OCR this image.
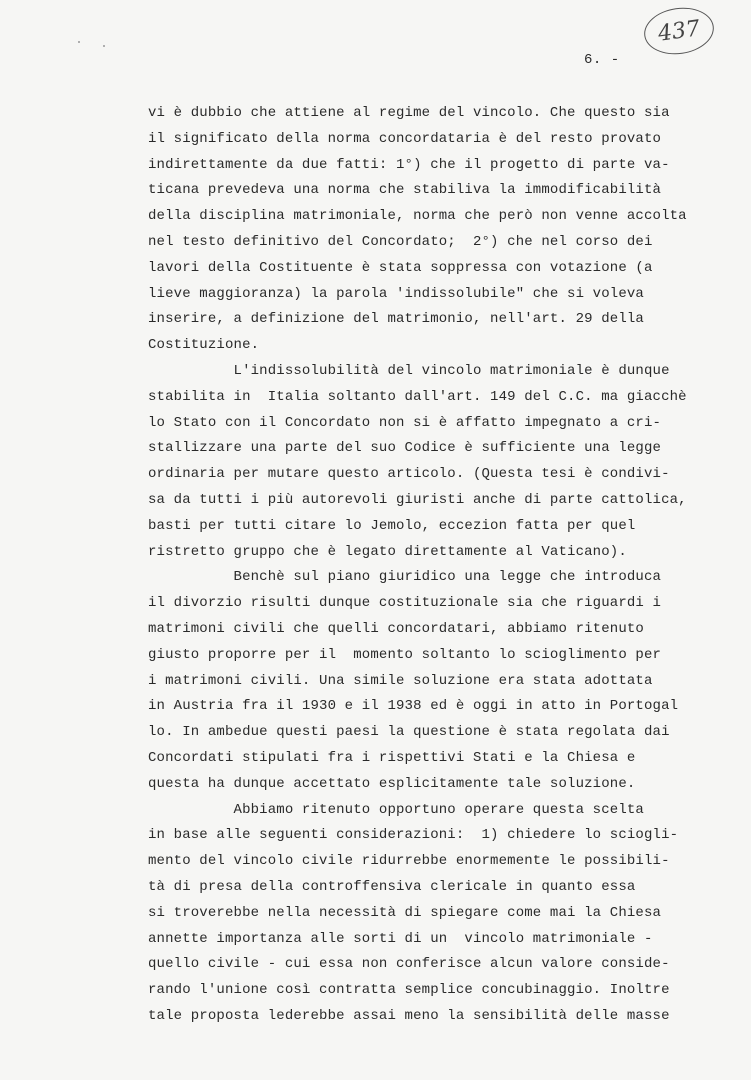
437
6. -
vi è dubbio che attiene al regime del vincolo. Che questo sia
il significato della norma concordataria è del resto provato
indirettamente da due fatti: 1°) che il progetto di parte va-
ticana prevedeva una norma che stabiliva la immodificabilità
della disciplina matrimoniale, norma che però non venne accolta
nel testo definitivo del Concordato;  2°) che nel corso dei
lavori della Costituente è stata soppressa con votazione (a
lieve maggioranza) la parola 'indissolubile" che si voleva
inserire, a definizione del matrimonio, nell'art. 29 della
Costituzione.
L'indissolubilità del vincolo matrimoniale è dunque
stabilita in  Italia soltanto dall'art. 149 del C.C. ma giacchè
lo Stato con il Concordato non si è affatto impegnato a cri-
stallizzare una parte del suo Codice è sufficiente una legge
ordinaria per mutare questo articolo. (Questa tesi è condivi-
sa da tutti i più autorevoli giuristi anche di parte cattolica,
basti per tutti citare lo Jemolo, eccezion fatta per quel
ristretto gruppo che è legato direttamente al Vaticano).
Benchè sul piano giuridico una legge che introduca
il divorzio risulti dunque costituzionale sia che riguardi i
matrimoni civili che quelli concordatari, abbiamo ritenuto
giusto proporre per il  momento soltanto lo scioglimento per
i matrimoni civili. Una simile soluzione era stata adottata
in Austria fra il 1930 e il 1938 ed è oggi in atto in Portogal
lo. In ambedue questi paesi la questione è stata regolata dai
Concordati stipulati fra i rispettivi Stati e la Chiesa e
questa ha dunque accettato esplicitamente tale soluzione.
Abbiamo ritenuto opportuno operare questa scelta
in base alle seguenti considerazioni:  1) chiedere lo sciogli-
mento del vincolo civile ridurrebbe enormemente le possibili-
tà di presa della controffensiva clericale in quanto essa
si troverebbe nella necessità di spiegare come mai la Chiesa
annette importanza alle sorti di un  vincolo matrimoniale -
quello civile - cui essa non conferisce alcun valore conside-
rando l'unione così contratta semplice concubinaggio. Inoltre
tale proposta lederebbe assai meno la sensibilità delle masse
